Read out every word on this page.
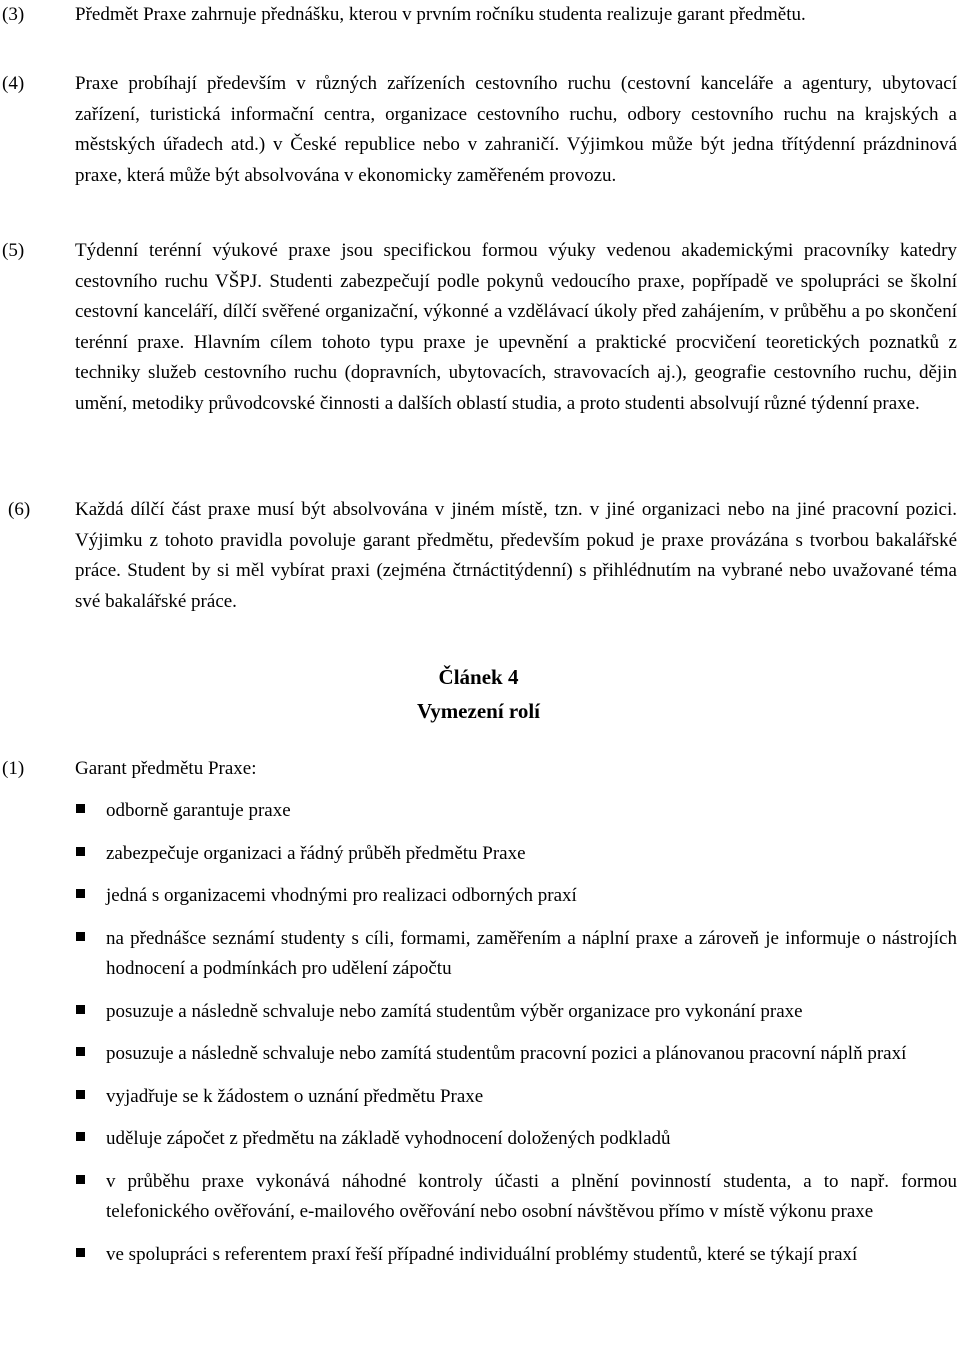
(3)	Předmět Praxe zahrnuje přednášku, kterou v prvním ročníku studenta realizuje garant předmětu.
(4)	Praxe probíhají především v různých zařízeních cestovního ruchu (cestovní kanceláře a agentury, ubytovací zařízení, turistická informační centra, organizace cestovního ruchu, odbory cestovního ruchu na krajských a městských úřadech atd.) v České republice nebo v zahraničí. Výjimkou může být jedna třítýdenní prázdninová praxe, která může být absolvována v ekonomicky zaměřeném provozu.
(5)	Týdenní terénní výukové praxe jsou specifickou formou výuky vedenou akademickými pracovníky katedry cestovního ruchu VŠPJ. Studenti zabezpečují podle pokynů vedoucího praxe, popřípadě ve spolupráci se školní cestovní kanceláří, dílčí svěřené organizační, výkonné a vzdělávací úkoly před zahájením, v průběhu a po skončení terénní praxe. Hlavním cílem tohoto typu praxe je upevnění a praktické procvičení teoretických poznatků z techniky služeb cestovního ruchu (dopravních, ubytovacích, stravovacích aj.), geografie cestovního ruchu, dějin umění, metodiky průvodcovské činnosti a dalších oblastí studia, a proto studenti absolvují různé týdenní praxe.
(6) Každá dílčí část praxe musí být absolvována v jiném místě, tzn. v jiné organizaci nebo na jiné pracovní pozici. Výjimku z tohoto pravidla povoluje garant předmětu, především pokud je praxe provázána s tvorbou bakalářské práce. Student by si měl vybírat praxi (zejména čtrnáctitýdenní) s přihlédnutím na vybrané nebo uvažované téma své bakalářské práce.
Článek 4
Vymezení rolí
(1)	Garant předmětu Praxe:
odborně garantuje praxe
zabezpečuje organizaci a řádný průběh předmětu Praxe
jedná s organizacemi vhodnými pro realizaci odborných praxí
na přednášce seznámí studenty s cíli, formami, zaměřením a náplní praxe a zároveň je informuje o nástrojích hodnocení a podmínkách pro udělení zápočtu
posuzuje a následně schvaluje nebo zamítá studentům výběr organizace pro vykonání praxe
posuzuje a následně schvaluje nebo zamítá studentům pracovní pozici a plánovanou pracovní náplň praxí
vyjadřuje se k žádostem o uznání předmětu Praxe
uděluje zápočet z předmětu na základě vyhodnocení doložených podkladů
v průběhu praxe vykonává náhodné kontroly účasti a plnění povinností studenta, a to např. formou telefonického ověřování, e-mailového ověřování nebo osobní návštěvou přímo v místě výkonu praxe
ve spolupráci s referentem praxí řeší případné individuální problémy studentů, které se týkají praxí
